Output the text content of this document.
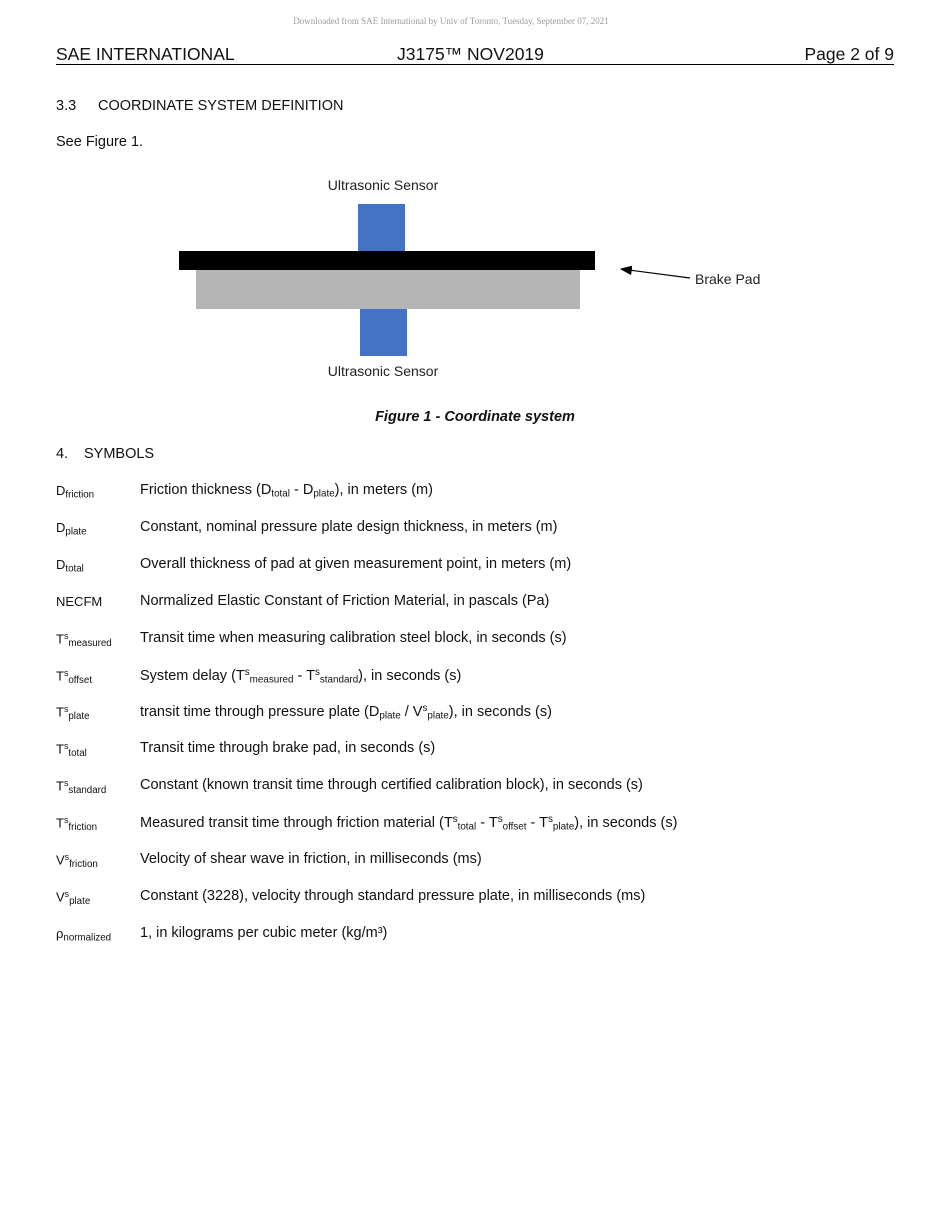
Downloaded from SAE International by Univ of Toronto, Tuesday, September 07, 2021
SAE INTERNATIONAL	J3175™ NOV2019	Page 2 of 9
3.3 COORDINATE SYSTEM DEFINITION
See Figure 1.
Ultrasonic Sensor
Ultrasonic Sensor
Brake Pad
Figure 1 - Coordinate system
4. SYMBOLS
$D_{friction}$	Friction thickness $(D_{total} - D_{plate})$, in meters (m)
$D_{plate}$	Constant, nominal pressure plate design thickness, in meters (m)
$D_{total}$	Overall thickness of pad at given measurement point, in meters (m)
NECFM	Normalized Elastic Constant of Friction Material, in pascals (Pa)
$T^s_{measured}$ Transit time when measuring calibration steel block, in seconds (s)
$T^s_{offset}$	System delay $(T^s_{measured} - T^s_{standard})$, in seconds (s)
$T^s_{plate}$	transit time through pressure plate $(D_{plate} / V^s_{plate})$, in seconds (s)
$T^s_{total}$	Transit time through brake pad, in seconds (s)
$T^s_{standard}$ Constant (known transit time through certified calibration block), in seconds (s)
$T^s_{friction}$	Measured transit time through friction material $(T^s_{total} - T^s_{offset} - T^s_{plate})$, in seconds (s)
$V^s_{friction}$	Velocity of shear wave in friction, in milliseconds (ms)
$V^s_{plate}$	Constant (3228), velocity through standard pressure plate, in milliseconds (ms)
$\rho_{normalized}$ 1, in kilograms per cubic meter (kg/m³)
